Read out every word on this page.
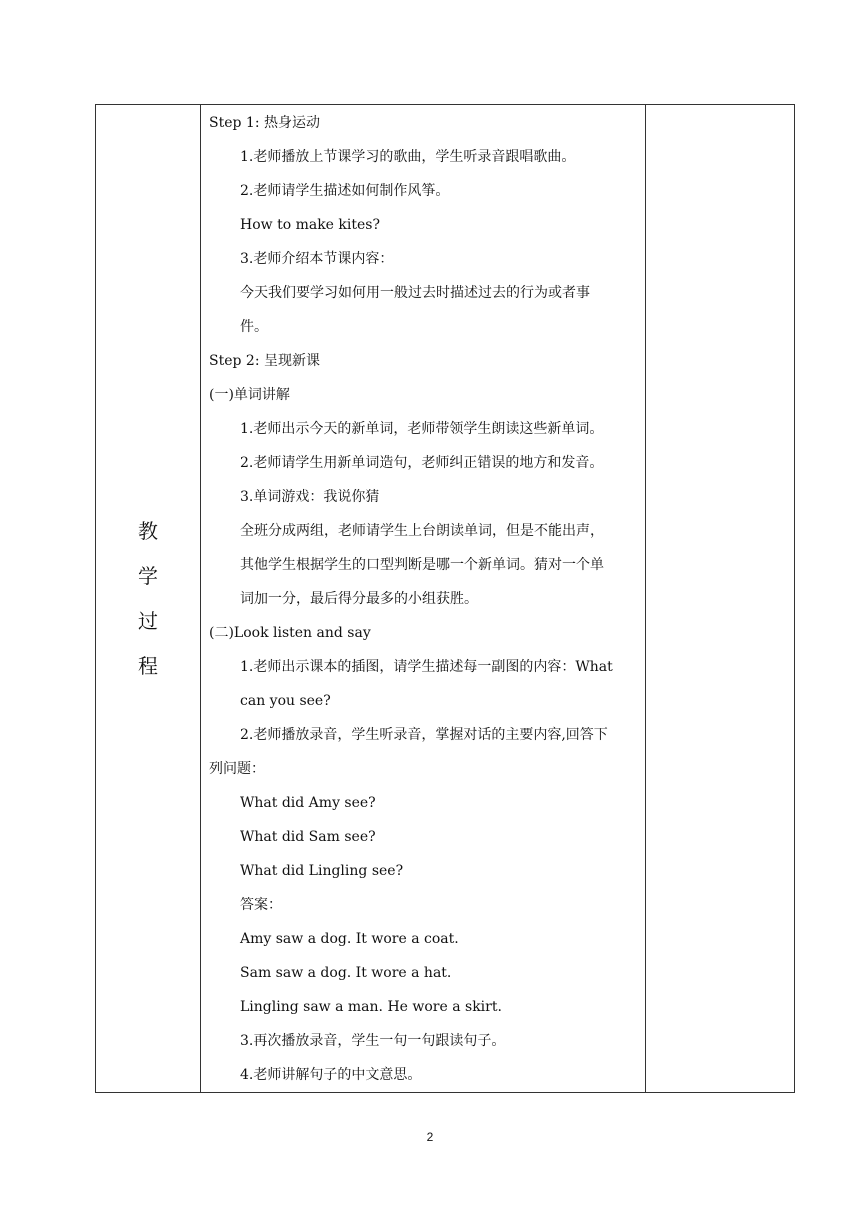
教
学
过
程

Step 1: 热身运动
1.老师播放上节课学习的歌曲，学生听录音跟唱歌曲。
2.老师请学生描述如何制作风筝。
How to make kites?
3.老师介绍本节课内容：
今天我们要学习如何用一般过去时描述过去的行为或者事
件。
Step 2: 呈现新课
(一)单词讲解
1.老师出示今天的新单词，老师带领学生朗读这些新单词。
2.老师请学生用新单词造句，老师纠正错误的地方和发音。
3.单词游戏：我说你猜
全班分成两组，老师请学生上台朗读单词，但是不能出声，
其他学生根据学生的口型判断是哪一个新单词。猜对一个单
词加一分，最后得分最多的小组获胜。
(二)Look listen and say
1.老师出示课本的插图，请学生描述每一副图的内容：What
can you see?
2.老师播放录音，学生听录音，掌握对话的主要内容,回答下
列问题：
What did Amy see?
What did Sam see?
What did Lingling see?
答案：
Amy saw a dog. It wore a coat.
Sam saw a dog. It wore a hat.
Lingling saw a man. He wore a skirt.
3.再次播放录音，学生一句一句跟读句子。
4.老师讲解句子的中文意思。

2
